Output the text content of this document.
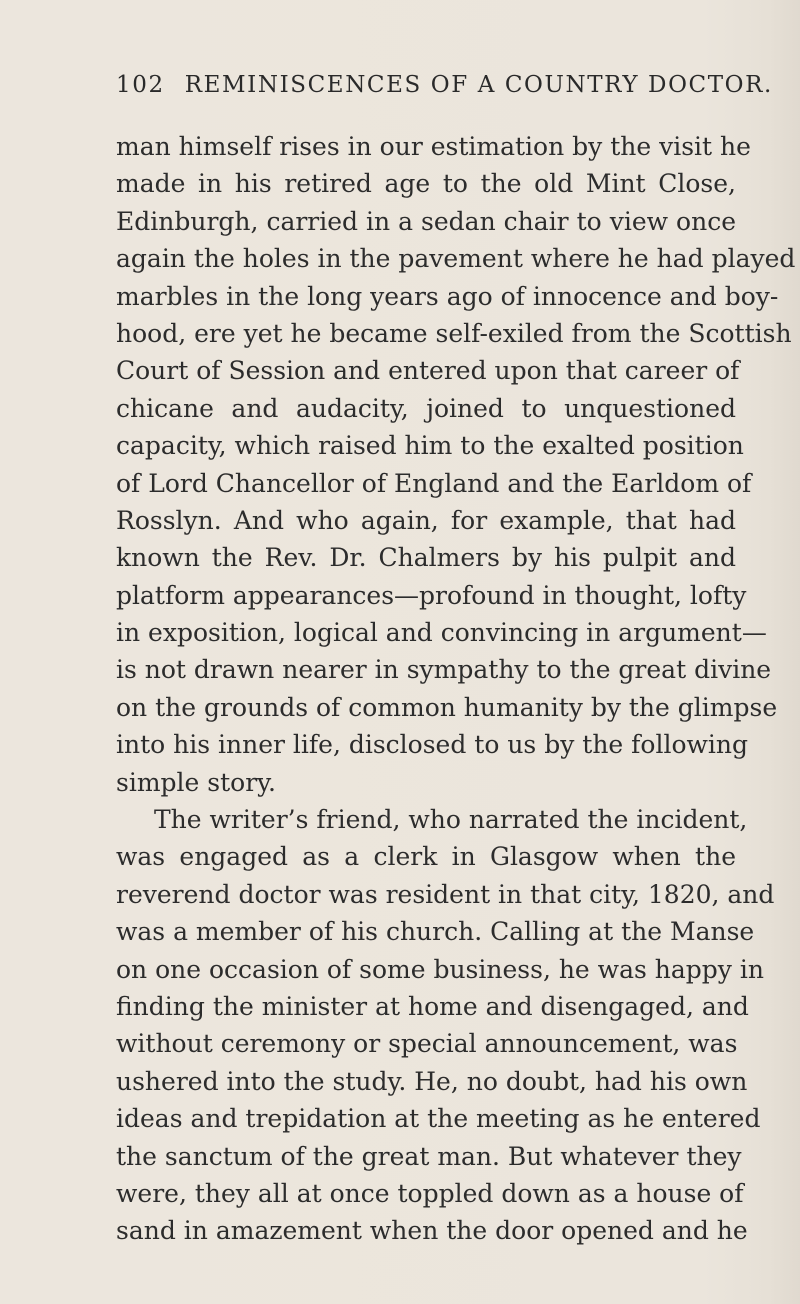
102 REMINISCENCES OF A COUNTRY DOCTOR.
man himself rises in our estimation by the visit he
made in his retired age to the old Mint Close,
Edinburgh, carried in a sedan chair to view once
again the holes in the pavement where he had played
marbles in the long years ago of innocence and boy-
hood, ere yet he became self-exiled from the Scottish
Court of Session and entered upon that career of
chicane and audacity, joined to unquestioned
capacity, which raised him to the exalted position
of Lord Chancellor of England and the Earldom of
Rosslyn. And who again, for example, that had
known the Rev. Dr. Chalmers by his pulpit and
platform appearances—profound in thought, lofty
in exposition, logical and convincing in argument—
is not drawn nearer in sympathy to the great divine
on the grounds of common humanity by the glimpse
into his inner life, disclosed to us by the following
simple story.
The writer’s friend, who narrated the incident,
was engaged as a clerk in Glasgow when the
reverend doctor was resident in that city, 1820, and
was a member of his church. Calling at the Manse
on one occasion of some business, he was happy in
finding the minister at home and disengaged, and
without ceremony or special announcement, was
ushered into the study. He, no doubt, had his own
ideas and trepidation at the meeting as he entered
the sanctum of the great man. But whatever they
were, they all at once toppled down as a house of
sand in amazement when the door opened and he
